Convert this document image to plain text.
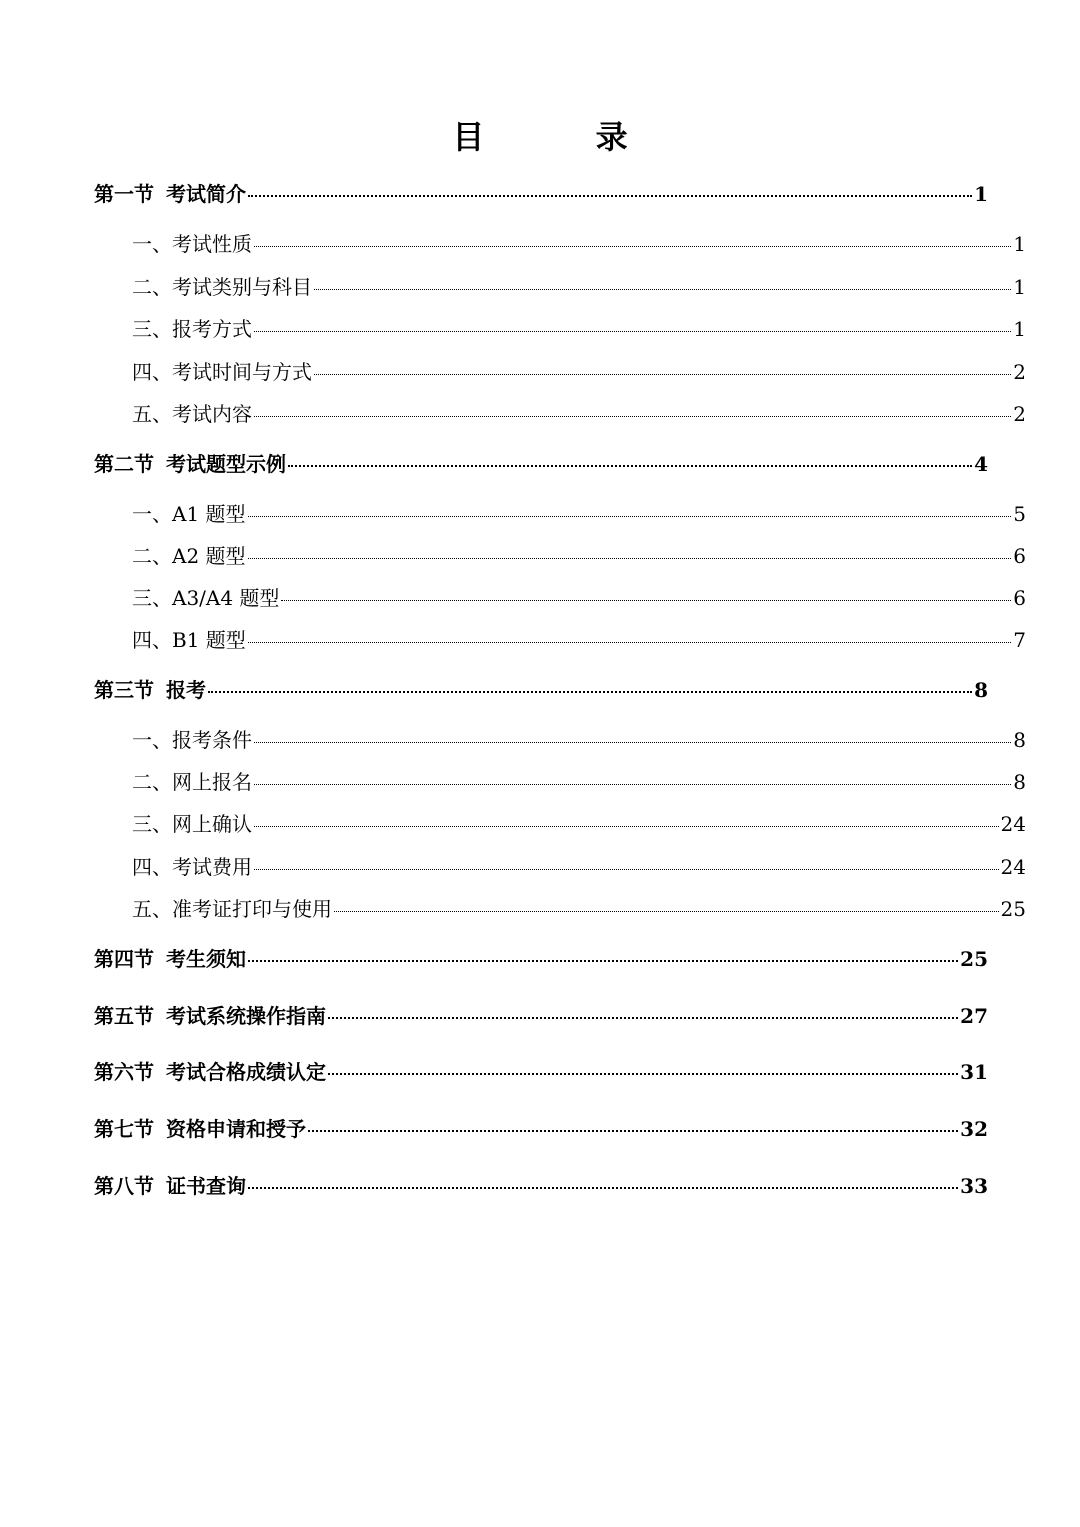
目 录
第一节 考试简介	1
一、考试性质	1
二、考试类别与科目	1
三、报考方式	1
四、考试时间与方式	2
五、考试内容	2
第二节 考试题型示例	4
一、A1 题型	5
二、A2 题型	6
三、A3/A4 题型	6
四、B1 题型	7
第三节 报考	8
一、报考条件	8
二、网上报名	8
三、网上确认	24
四、考试费用	24
五、准考证打印与使用	25
第四节 考生须知	25
第五节 考试系统操作指南	27
第六节 考试合格成绩认定	31
第七节 资格申请和授予	32
第八节 证书查询	33
